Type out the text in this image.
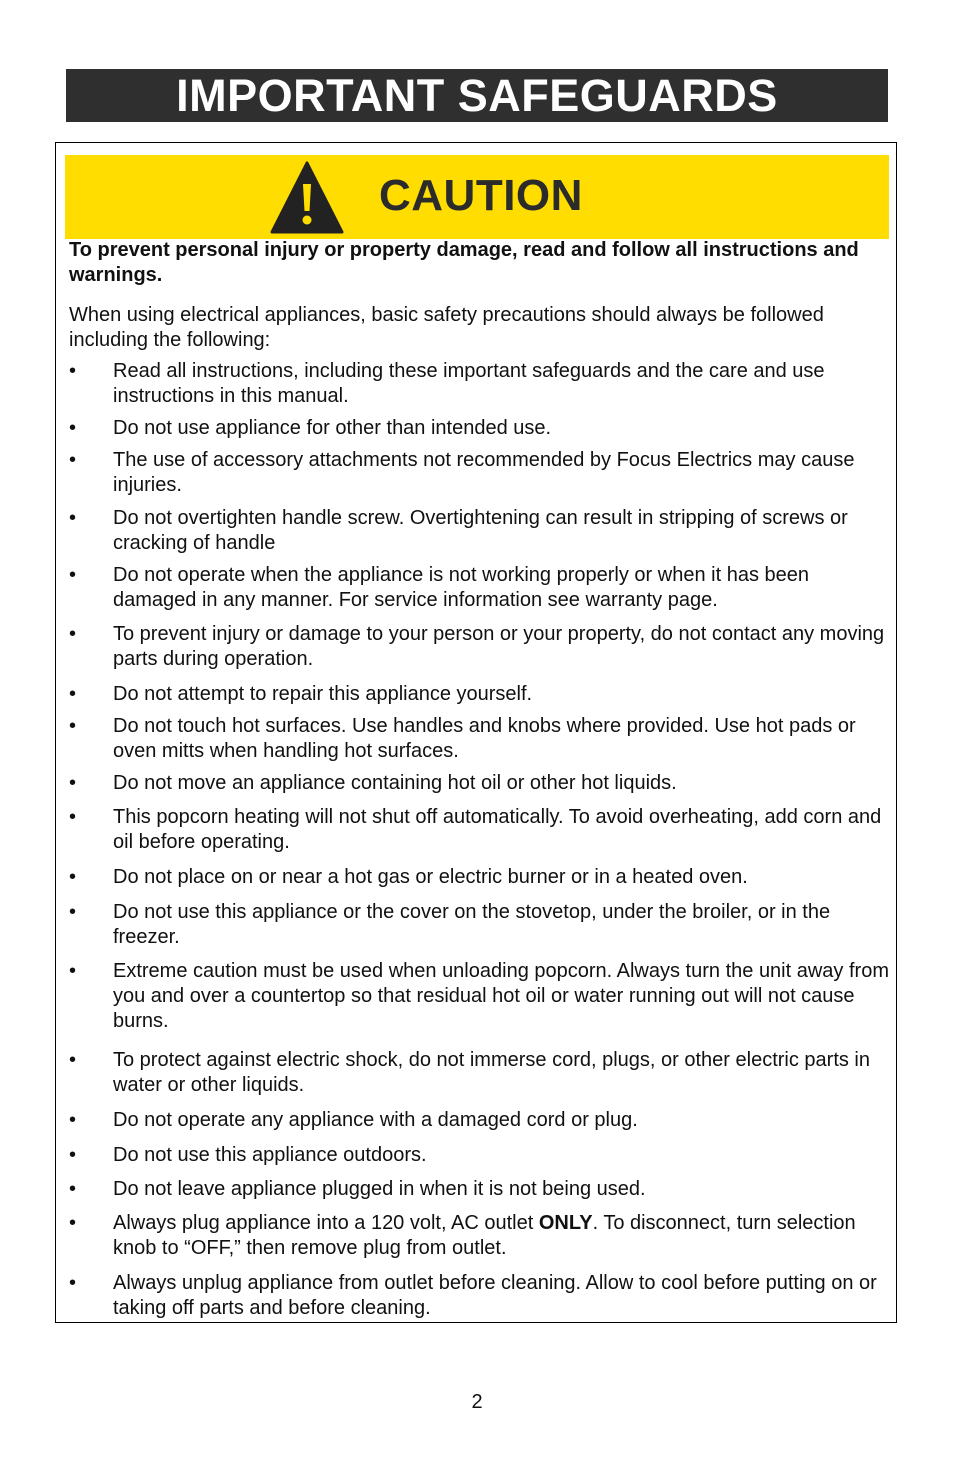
IMPORTANT SAFEGUARDS
CAUTION
To prevent personal injury or property damage, read and follow all instructions and warnings.
When using electrical appliances, basic safety precautions should always be followed including the following:
•	Read all instructions, including these important safeguards and the care and use instructions in this manual.
•	Do not use appliance for other than intended use.
•	The use of accessory attachments not recommended by Focus Electrics may cause injuries.
•	Do not overtighten handle screw. Overtightening can result in stripping of screws or cracking of handle
•	Do not operate when the appliance is not working properly or when it has been damaged in any manner. For service information see warranty page.
•	To prevent injury or damage to your person or your property, do not contact any moving parts during operation.
•	Do not attempt to repair this appliance yourself.
•	Do not touch hot surfaces. Use handles and knobs where provided. Use hot pads or oven mitts when handling hot surfaces.
•	Do not move an appliance containing hot oil or other hot liquids.
•	This popcorn heating will not shut off automatically. To avoid overheating, add corn and oil before operating.
•	Do not place on or near a hot gas or electric burner or in a heated oven.
•	Do not use this appliance or the cover on the stovetop, under the broiler, or in the freezer.
•	Extreme caution must be used when unloading popcorn. Always turn the unit away from you and over a countertop so that residual hot oil or water running out will not cause burns.
•	To protect against electric shock, do not immerse cord, plugs, or other electric parts in water or other liquids.
•	Do not operate any appliance with a damaged cord or plug.
•	Do not use this appliance outdoors.
•	Do not leave appliance plugged in when it is not being used.
•	Always plug appliance into a 120 volt, AC outlet ONLY. To disconnect, turn selection knob to “OFF,” then remove plug from outlet.
•	Always unplug appliance from outlet before cleaning. Allow to cool before putting on or taking off parts and before cleaning.
2
